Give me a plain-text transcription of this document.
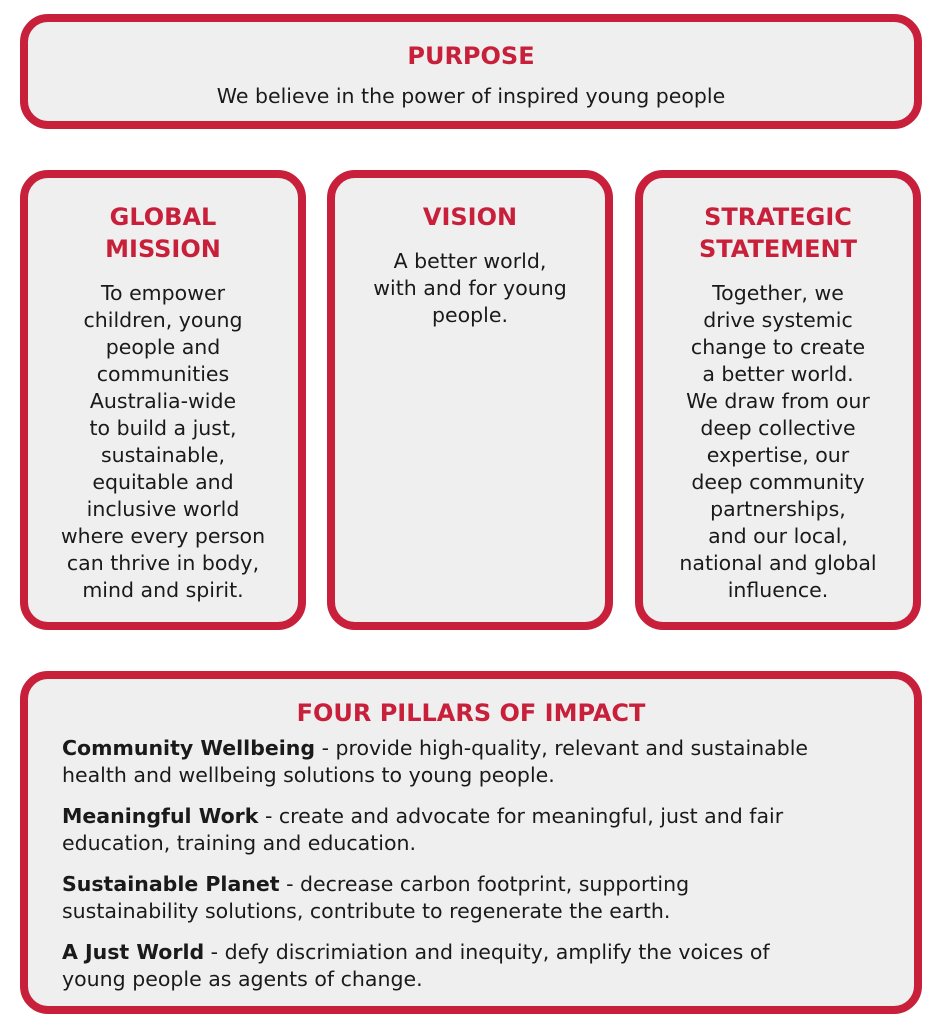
PURPOSE

We believe in the power of inspired young people

GLOBAL
MISSION

To empower
children, young
people and
communities
Australia-wide
to build a just,
sustainable,
equitable and
inclusive world
where every person
can thrive in body,
mind and spirit.

VISION

A better world,
with and for young
people.

STRATEGIC
STATEMENT

Together, we
drive systemic
change to create
a better world.
We draw from our
deep collective
expertise, our
deep community
partnerships,
and our local,
national and global
influence.

FOUR PILLARS OF IMPACT
Community Wellbeing - provide high-quality, relevant and sustainable
health and wellbeing solutions to young people.
Meaningful Work - create and advocate for meaningful, just and fair
education, training and education.
Sustainable Planet - decrease carbon footprint, supporting
sustainability solutions, contribute to regenerate the earth.
A Just World - defy discrimiation and inequity, amplify the voices of
young people as agents of change.
